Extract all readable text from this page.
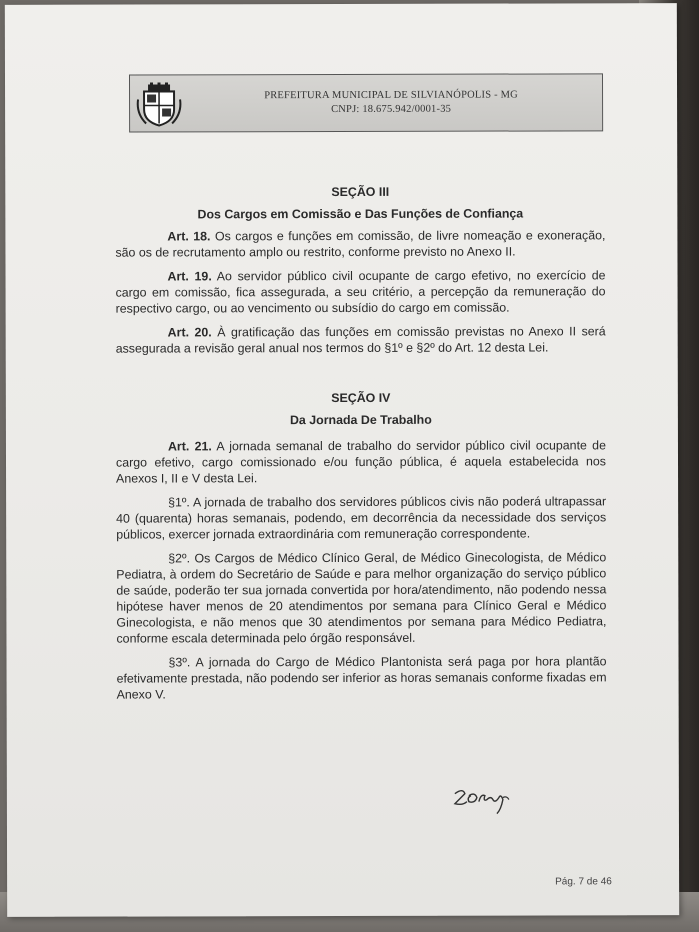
PREFEITURA MUNICIPAL DE SILVIANÓPOLIS - MG
CNPJ: 18.675.942/0001-35
SEÇÃO III
Dos Cargos em Comissão e Das Funções de Confiança

Art. 18. Os cargos e funções em comissão, de livre nomeação e exoneração, são os de recrutamento amplo ou restrito, conforme previsto no Anexo II.

Art. 19. Ao servidor público civil ocupante de cargo efetivo, no exercício de cargo em comissão, fica assegurada, a seu critério, a percepção da remuneração do respectivo cargo, ou ao vencimento ou subsídio do cargo em comissão.

Art. 20. À gratificação das funções em comissão previstas no Anexo II será assegurada a revisão geral anual nos termos do §1º e §2º do Art. 12 desta Lei.

SEÇÃO IV
Da Jornada De Trabalho

Art. 21. A jornada semanal de trabalho do servidor público civil ocupante de cargo efetivo, cargo comissionado e/ou função pública, é aquela estabelecida nos Anexos I, II e V desta Lei.

§1º. A jornada de trabalho dos servidores públicos civis não poderá ultrapassar 40 (quarenta) horas semanais, podendo, em decorrência da necessidade dos serviços públicos, exercer jornada extraordinária com remuneração correspondente.

§2º. Os Cargos de Médico Clínico Geral, de Médico Ginecologista, de Médico Pediatra, à ordem do Secretário de Saúde e para melhor organização do serviço público de saúde, poderão ter sua jornada convertida por hora/atendimento, não podendo nessa hipótese haver menos de 20 atendimentos por semana para Clínico Geral e Médico Ginecologista, e não menos que 30 atendimentos por semana para Médico Pediatra, conforme escala determinada pelo órgão responsável.

§3º. A jornada do Cargo de Médico Plantonista será paga por hora plantão efetivamente prestada, não podendo ser inferior as horas semanais conforme fixadas em Anexo V.

Pág. 7 de 46
